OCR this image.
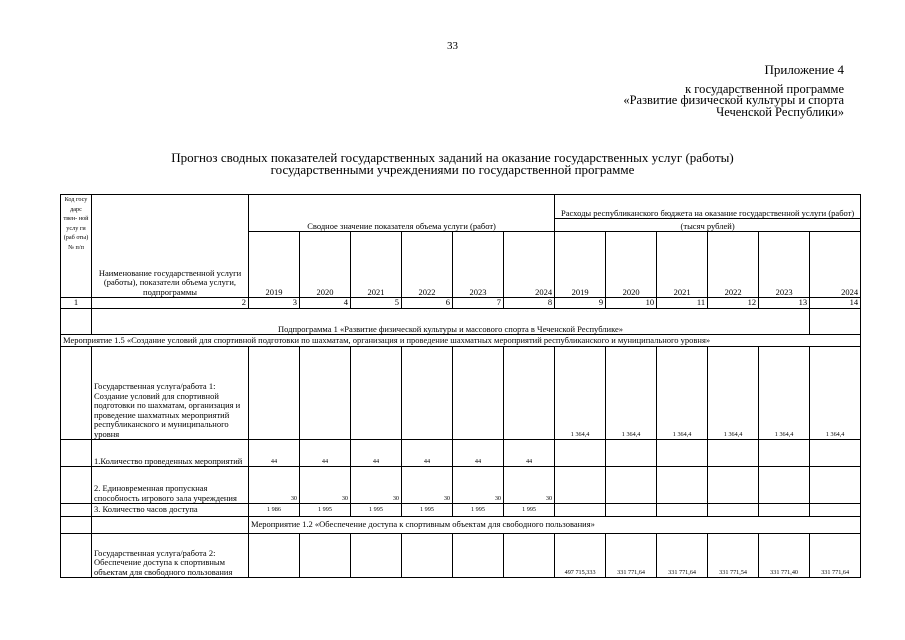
33
Приложение 4
к государственной программе
«Развитие физической культуры и спорта
Чеченской Республики»
Прогноз сводных показателей государственных заданий на оказание государственных услуг (работы)
государственными учреждениями по государственной программе
Код госу дарс твен- ной услу ги (раб оты) № п/п	Наименование государственной услуги (работы), показатели объема услуги, подпрограммы	Сводное значение показателя объема услуги (работ)						Расходы республиканского бюджета на оказание государственной услуги (работ)					
								(тысяч рублей)					
		2019	2020	2021	2022	2023	2024	2019	2020	2021	2022	2023	2024
1	2	3	4	5	6	7	8	9	10	11	12	13	14
	Подпрограмма 1 «Развитие физической культуры и массового спорта в Чеченской Республике»												
Мероприятие 1.5 «Создание условий для спортивной подготовки по шахматам, организация и проведение шахматных мероприятий республиканского и муниципального уровня»													
	Государственная услуга/работа 1: Создание условий для спортивной подготовки по шахматам, организация и проведение шахматных мероприятий республиканского и муниципального уровня							1 364,4	1 364,4	1 364,4	1 364,4	1 364,4	1 364,4
	1.Количество проведенных мероприятий	44	44	44	44	44	44						
	2. Единовременная пропускная способность игрового зала учреждения	30	30	30	30	30	30						
	3. Количество часов доступа	1 986	1 995	1 995	1 995	1 995	1 995						
		Мероприятие 1.2 «Обеспечение доступа к спортивным объектам для свободного пользования»											
	Государственная услуга/работа 2: Обеспечение доступа к спортивным объектам для свободного пользования							497 715,333	331 771,64	331 771,64	331 771,54	331 771,40	331 771,64
